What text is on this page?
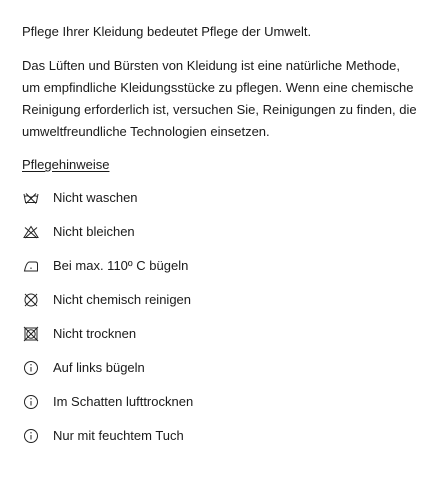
Pflege Ihrer Kleidung bedeutet Pflege der Umwelt.

Das Lüften und Bürsten von Kleidung ist eine natürliche Methode,
um empfindliche Kleidungsstücke zu pflegen. Wenn eine chemische
Reinigung erforderlich ist, versuchen Sie, Reinigungen zu finden, die
umweltfreundliche Technologien einsetzen.

Pflegehinweise
Nicht waschen
Nicht bleichen
Bei max. 110º C bügeln
Nicht chemisch reinigen
Nicht trocknen
Auf links bügeln
Im Schatten lufttrocknen
Nur mit feuchtem Tuch
